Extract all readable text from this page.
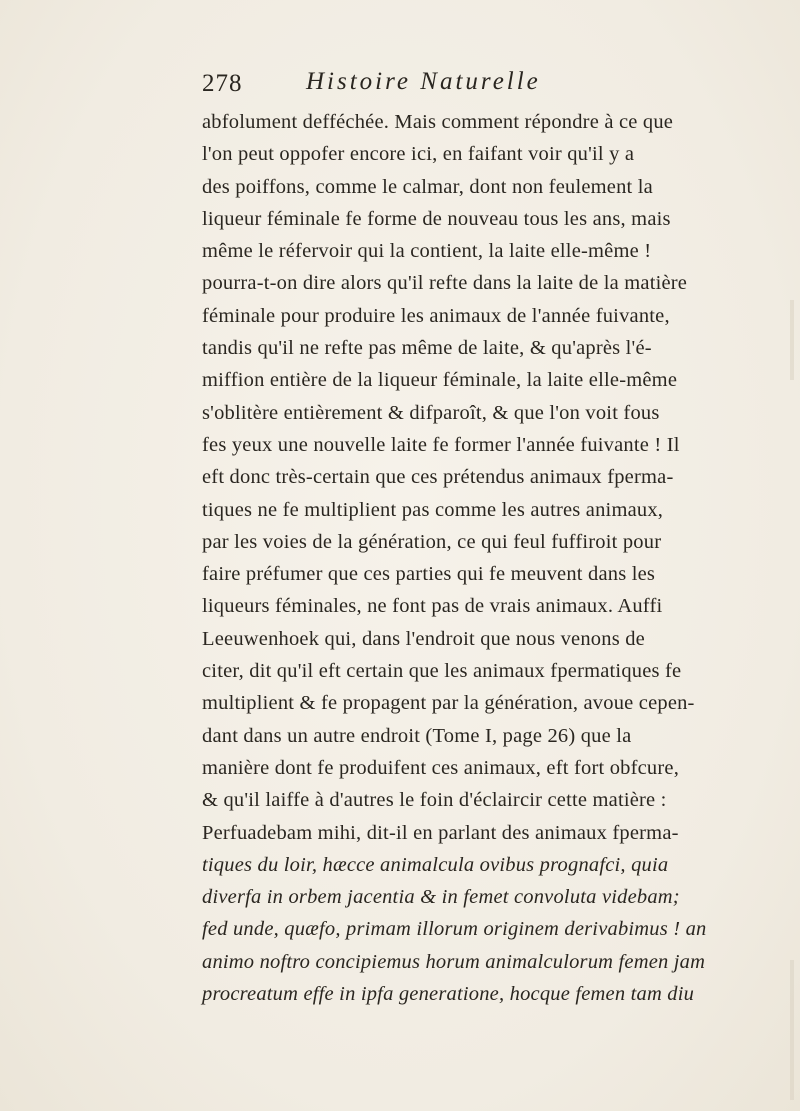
278	Histoire Naturelle
abfolument defféchée. Mais comment répondre à ce que
l'on peut oppofer encore ici, en faifant voir qu'il y a
des poiffons, comme le calmar, dont non feulement la
liqueur féminale fe forme de nouveau tous les ans, mais
même le réfervoir qui la contient, la laite elle-même !
pourra-t-on dire alors qu'il refte dans la laite de la matière
féminale pour produire les animaux de l'année fuivante,
tandis qu'il ne refte pas même de laite, & qu'après l'é-
miffion entière de la liqueur féminale, la laite elle-même
s'oblitère entièrement & difparoît, & que l'on voit fous
fes yeux une nouvelle laite fe former l'année fuivante ! Il
eft donc très-certain que ces prétendus animaux fperma-
tiques ne fe multiplient pas comme les autres animaux,
par les voies de la génération, ce qui feul fuffiroit pour
faire préfumer que ces parties qui fe meuvent dans les
liqueurs féminales, ne font pas de vrais animaux. Auffi
Leeuwenhoek qui, dans l'endroit que nous venons de
citer, dit qu'il eft certain que les animaux fpermatiques fe
multiplient & fe propagent par la génération, avoue cepen-
dant dans un autre endroit (Tome I, page 26) que la
manière dont fe produifent ces animaux, eft fort obfcure,
& qu'il laiffe à d'autres le foin d'éclaircir cette matière :
Perfuadebam mihi, dit-il en parlant des animaux fperma-
tiques du loir, hæcce animalcula ovibus prognafci, quia
diverfa in orbem jacentia & in femet convoluta videbam;
fed unde, quæfo, primam illorum originem derivabimus ! an
animo noftro concipiemus horum animalculorum femen jam
procreatum effe in ipfa generatione, hocque femen tam diu
